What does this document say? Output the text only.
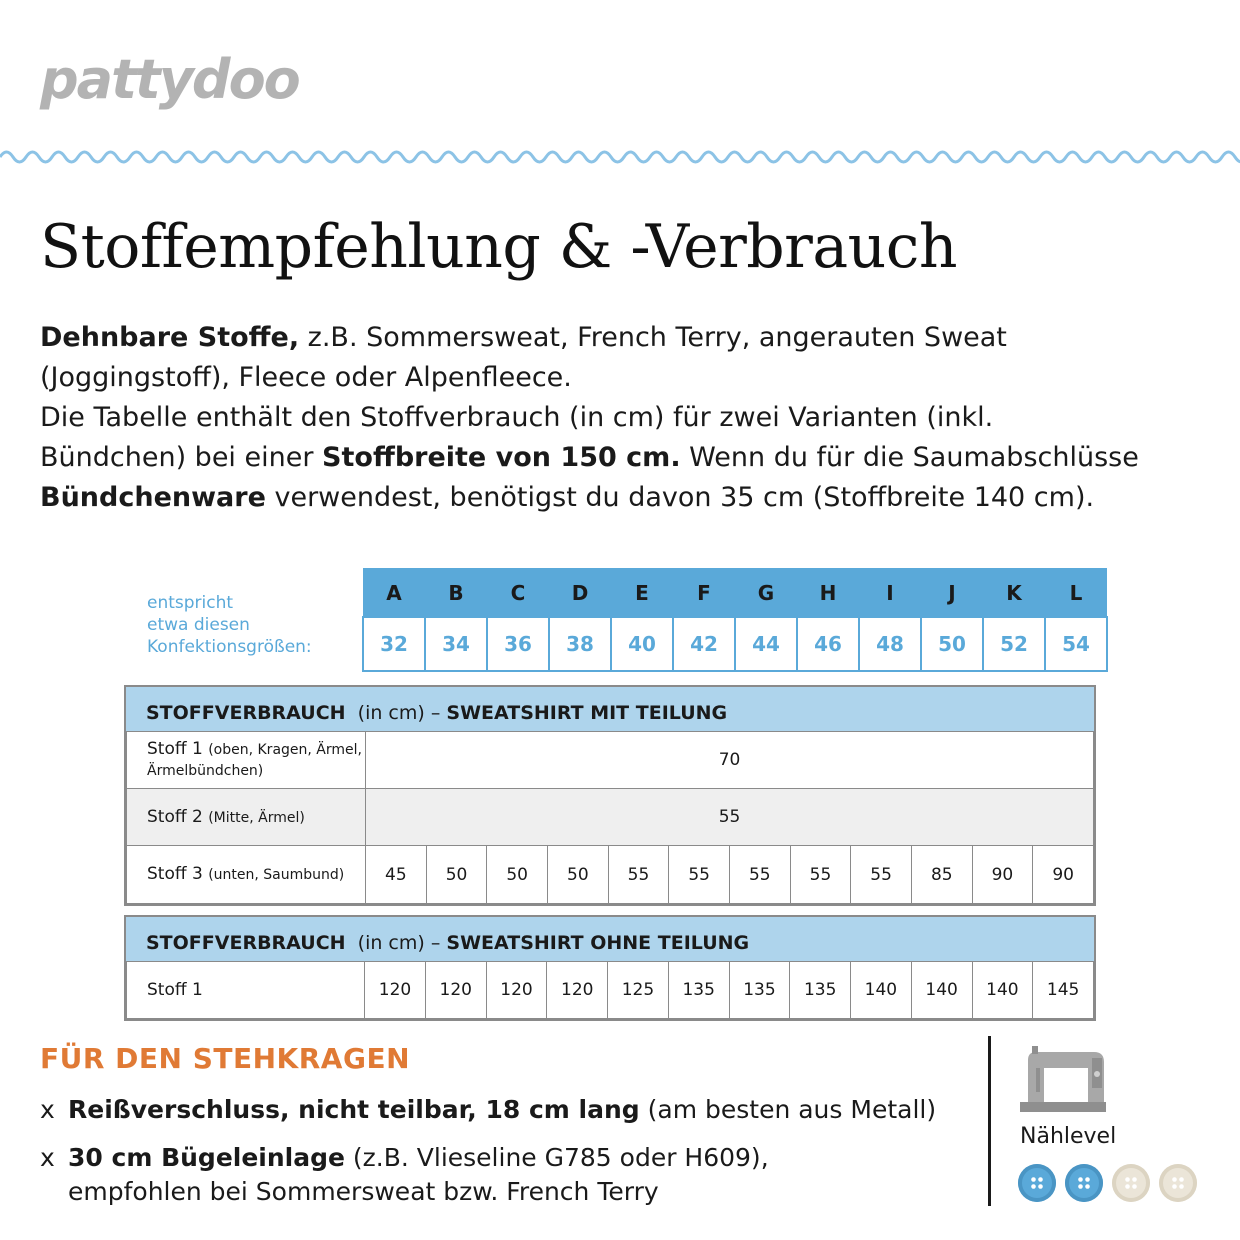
pattydoo
Stoffempfehlung & -Verbrauch

Dehnbare Stoffe, z.B. Sommersweat, French Terry, angerauten Sweat (Joggingstoff), Fleece oder Alpenfleece.
Die Tabelle enthält den Stoffverbrauch (in cm) für zwei Varianten (inkl. Bündchen) bei einer Stoffbreite von 150 cm. Wenn du für die Saumabschlüsse Bündchenware verwendest, benötigst du davon 35 cm (Stoffbreite 140 cm).

entspricht
etwa diesen
Konfektionsgrößen:
A	B	C	D	E	F	G	H	I	J	K	L
32	34	36	38	40	42	44	46	48	50	52	54
STOFFVERBRAUCH  (in cm) – SWEATSHIRT MIT TEILUNG
Stoff 1 (oben, Kragen, Ärmel, Ärmelbündchen)	70											
Stoff 2 (Mitte, Ärmel)	55											
Stoff 3 (unten, Saumbund)	45	50	50	50	55	55	55	55	55	85	90	90
STOFFVERBRAUCH  (in cm) – SWEATSHIRT OHNE TEILUNG
Stoff 1	120	120	120	120	125	135	135	135	140	140	140	145
FÜR DEN STEHKRAGEN
x Reißverschluss, nicht teilbar, 18 cm lang (am besten aus Metall)
x 30 cm Bügeleinlage (z.B. Vlieseline G785 oder H609),
empfohlen bei Sommersweat bzw. French Terry
Nählevel
